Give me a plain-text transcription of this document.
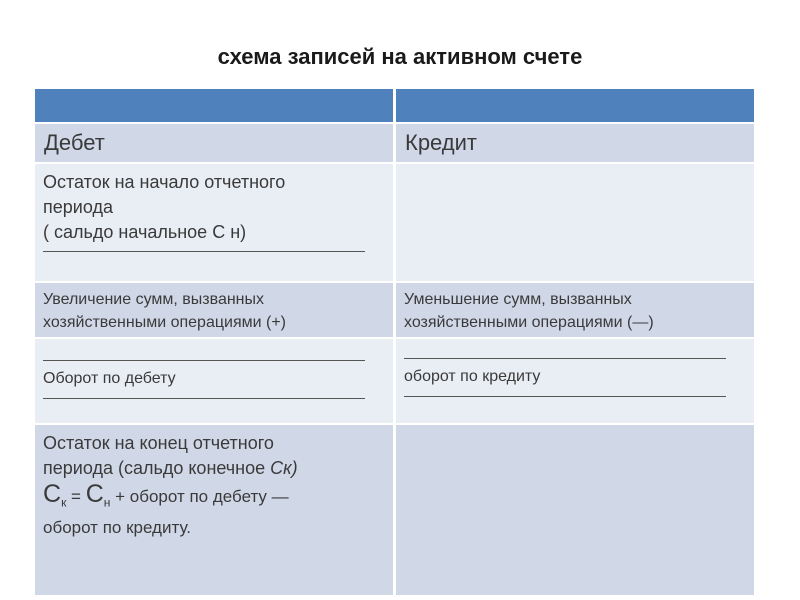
схема записей на активном счете
Дебет	Кредит
Остаток на начало отчетного
периода
( сальдо начальное С н)
Увеличение сумм, вызванных
хозяйственными операциями (+)
Уменьшение сумм, вызванных
хозяйственными операциями (—)
Оборот по дебету	оборот по кредиту
Остаток на конец отчетного
периода (сальдо конечное Ск)
$С_к = С_н$ + оборот по дебету —
оборот по кредиту.
